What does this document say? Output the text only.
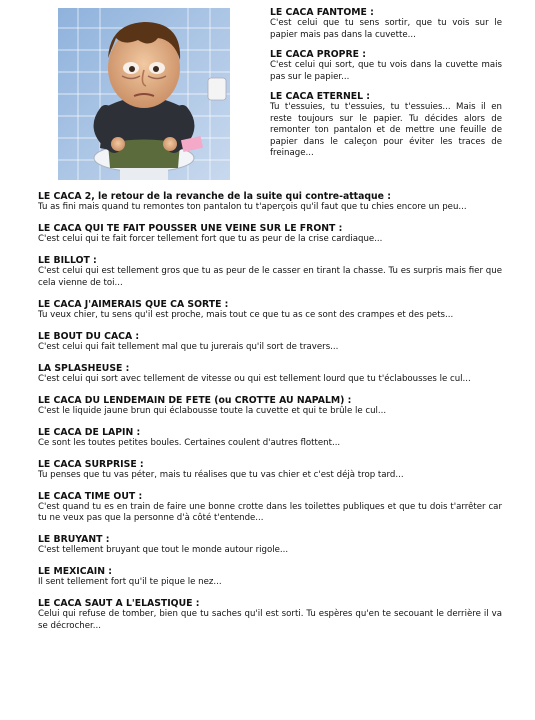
LE CACA FANTOME :
C'est celui que tu sens sortir, que tu vois sur le papier mais pas dans la cuvette...
LE CACA PROPRE :
C'est celui qui sort, que tu vois dans la cuvette mais pas sur le papier...
LE CACA ETERNEL :
Tu t'essuies, tu t'essuies, tu t'essuies... Mais il en reste toujours sur le papier. Tu décides alors de remonter ton pantalon et de mettre une feuille de papier dans le caleçon pour éviter les traces de freinage...
LE CACA 2, le retour de la revanche de la suite qui contre-attaque :
Tu as fini mais quand tu remontes ton pantalon tu t'aperçois qu'il faut que tu chies encore un peu...
LE CACA QUI TE FAIT POUSSER UNE VEINE SUR LE FRONT :
C'est celui qui te fait forcer tellement fort que tu as peur de la crise cardiaque...
LE BILLOT :
C'est celui qui est tellement gros que tu as peur de le casser en tirant la chasse. Tu es surpris mais fier que cela vienne de toi...
LE CACA J'AIMERAIS QUE CA SORTE :
Tu veux chier, tu sens qu'il est proche, mais tout ce que tu as ce sont des crampes et des pets...
LE BOUT DU CACA :
C'est celui qui fait tellement mal que tu jurerais qu'il sort de travers...
LA SPLASHEUSE :
C'est celui qui sort avec tellement de vitesse ou qui est tellement lourd que tu t'éclabousses le cul...
LE CACA DU LENDEMAIN DE FETE (ou CROTTE AU NAPALM) :
C'est le liquide jaune brun qui éclabousse toute la cuvette et qui te brûle le cul...
LE CACA DE LAPIN :
Ce sont les toutes petites boules. Certaines coulent d'autres flottent...
LE CACA SURPRISE :
Tu penses que tu vas péter, mais tu réalises que tu vas chier et c'est déjà trop tard...
LE CACA TIME OUT :
C'est quand tu es en train de faire une bonne crotte dans les toilettes publiques et que tu dois t'arrêter car tu ne veux pas que la personne d'à côté t'entende...
LE BRUYANT :
C'est tellement bruyant que tout le monde autour rigole...
LE MEXICAIN :
Il sent tellement fort qu'il te pique le nez...
LE CACA SAUT A L'ELASTIQUE :
Celui qui refuse de tomber, bien que tu saches qu'il est sorti. Tu espères qu'en te secouant le derrière il va se décrocher...
